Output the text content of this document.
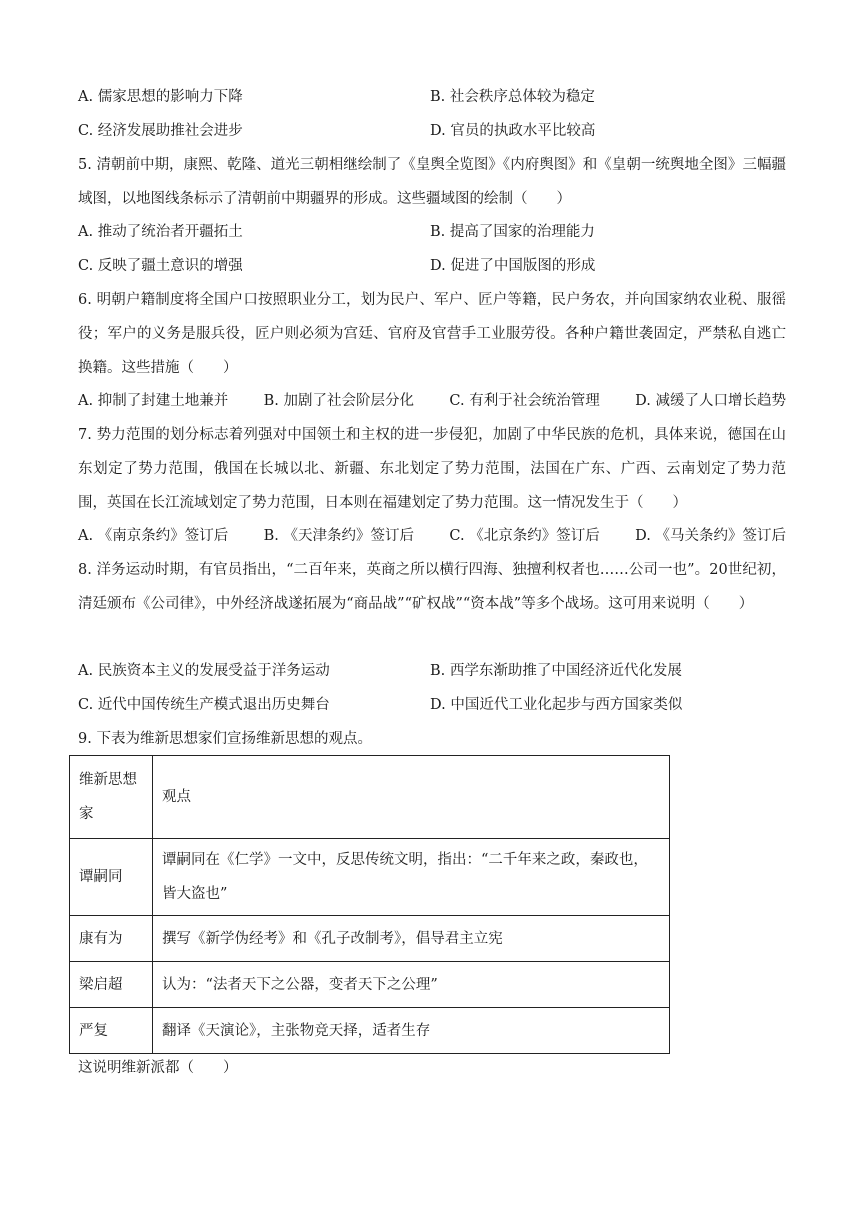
A. 儒家思想的影响力下降	B. 社会秩序总体较为稳定
C. 经济发展助推社会进步	D. 官员的执政水平比较高
5. 清朝前中期，康熙、乾隆、道光三朝相继绘制了《皇舆全览图》《内府舆图》和《皇朝一统舆地全图》三幅疆域图，以地图线条标示了清朝前中期疆界的形成。这些疆域图的绘制（　　）
A. 推动了统治者开疆拓土	B. 提高了国家的治理能力
C. 反映了疆土意识的增强	D. 促进了中国版图的形成
6. 明朝户籍制度将全国户口按照职业分工，划为民户、军户、匠户等籍，民户务农，并向国家纳农业税、服徭役；军户的义务是服兵役，匠户则必须为宫廷、官府及官营手工业服劳役。各种户籍世袭固定，严禁私自逃亡换籍。这些措施（　　）
A. 抑制了封建土地兼并 B. 加剧了社会阶层分化 C. 有利于社会统治管理 D. 减缓了人口增长趋势
7. 势力范围的划分标志着列强对中国领土和主权的进一步侵犯，加剧了中华民族的危机，具体来说，德国在山东划定了势力范围，俄国在长城以北、新疆、东北划定了势力范围，法国在广东、广西、云南划定了势力范围，英国在长江流域划定了势力范围，日本则在福建划定了势力范围。这一情况发生于（　　）
A. 《南京条约》签订后 B. 《天津条约》签订后 C. 《北京条约》签订后 D. 《马关条约》签订后
8. 洋务运动时期，有官员指出，“二百年来，英商之所以横行四海、独擅利权者也……公司一也”。20世纪初，清廷颁布《公司律》，中外经济战遂拓展为“商品战”“矿权战”“资本战”等多个战场。这可用来说明（　　）
A. 民族资本主义的发展受益于洋务运动	B. 西学东渐助推了中国经济近代化发展
C. 近代中国传统生产模式退出历史舞台	D. 中国近代工业化起步与西方国家类似
9. 下表为维新思想家们宣扬维新思想的观点。
维新思想家	观点
谭嗣同	谭嗣同在《仁学》一文中，反思传统文明，指出：“二千年来之政，秦政也，皆大盗也”
康有为	撰写《新学伪经考》和《孔子改制考》，倡导君主立宪
梁启超	认为：“法者天下之公器，变者天下之公理”
严复	翻译《天演论》，主张物竞天择，适者生存
这说明维新派都（　　）
